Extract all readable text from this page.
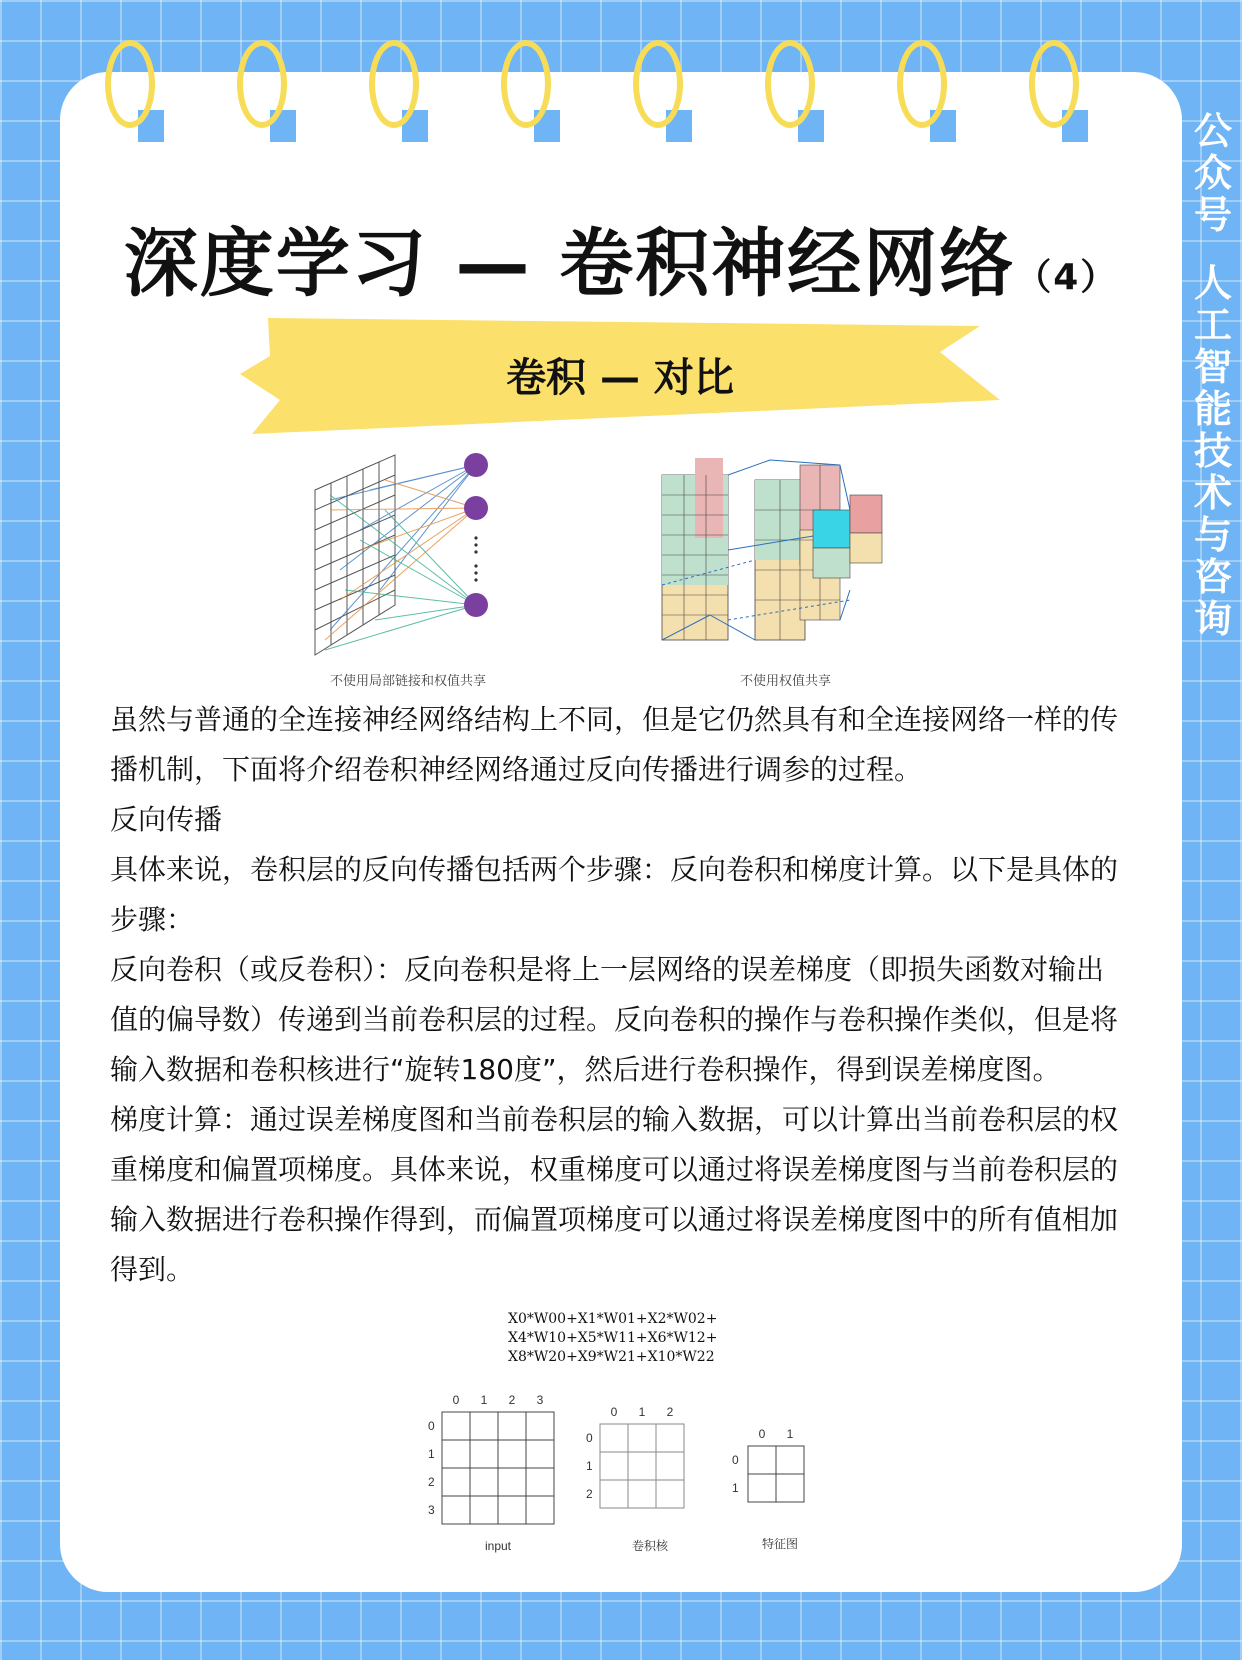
公
众
号
人
工
智
能
技
术
与
咨
询
深度学习 — 卷积神经网络（4）
卷积 — 对比
不使用局部链接和权值共享	不使用权值共享

虽然与普通的全连接神经网络结构上不同，但是它仍然具有和全连接网络一样的传播机制，下面将介绍卷积神经网络通过反向传播进行调参的过程。

反向传播

具体来说，卷积层的反向传播包括两个步骤：反向卷积和梯度计算。以下是具体的步骤：

反向卷积（或反卷积）：反向卷积是将上一层网络的误差梯度（即损失函数对输出值的偏导数）传递到当前卷积层的过程。反向卷积的操作与卷积操作类似，但是将输入数据和卷积核进行“旋转180度”，然后进行卷积操作，得到误差梯度图。

梯度计算：通过误差梯度图和当前卷积层的输入数据，可以计算出当前卷积层的权重梯度和偏置项梯度。具体来说，权重梯度可以通过将误差梯度图与当前卷积层的输入数据进行卷积操作得到，而偏置项梯度可以通过将误差梯度图中的所有值相加得到。

X0*W00+X1*W01+X2*W02+
X4*W10+X5*W11+X6*W12+
X8*W20+X9*W21+X10*W22
0 1 2 3
0
1
2
3
input
0 1 2
0
1
2
卷积核
0 1
0
1
特征图
